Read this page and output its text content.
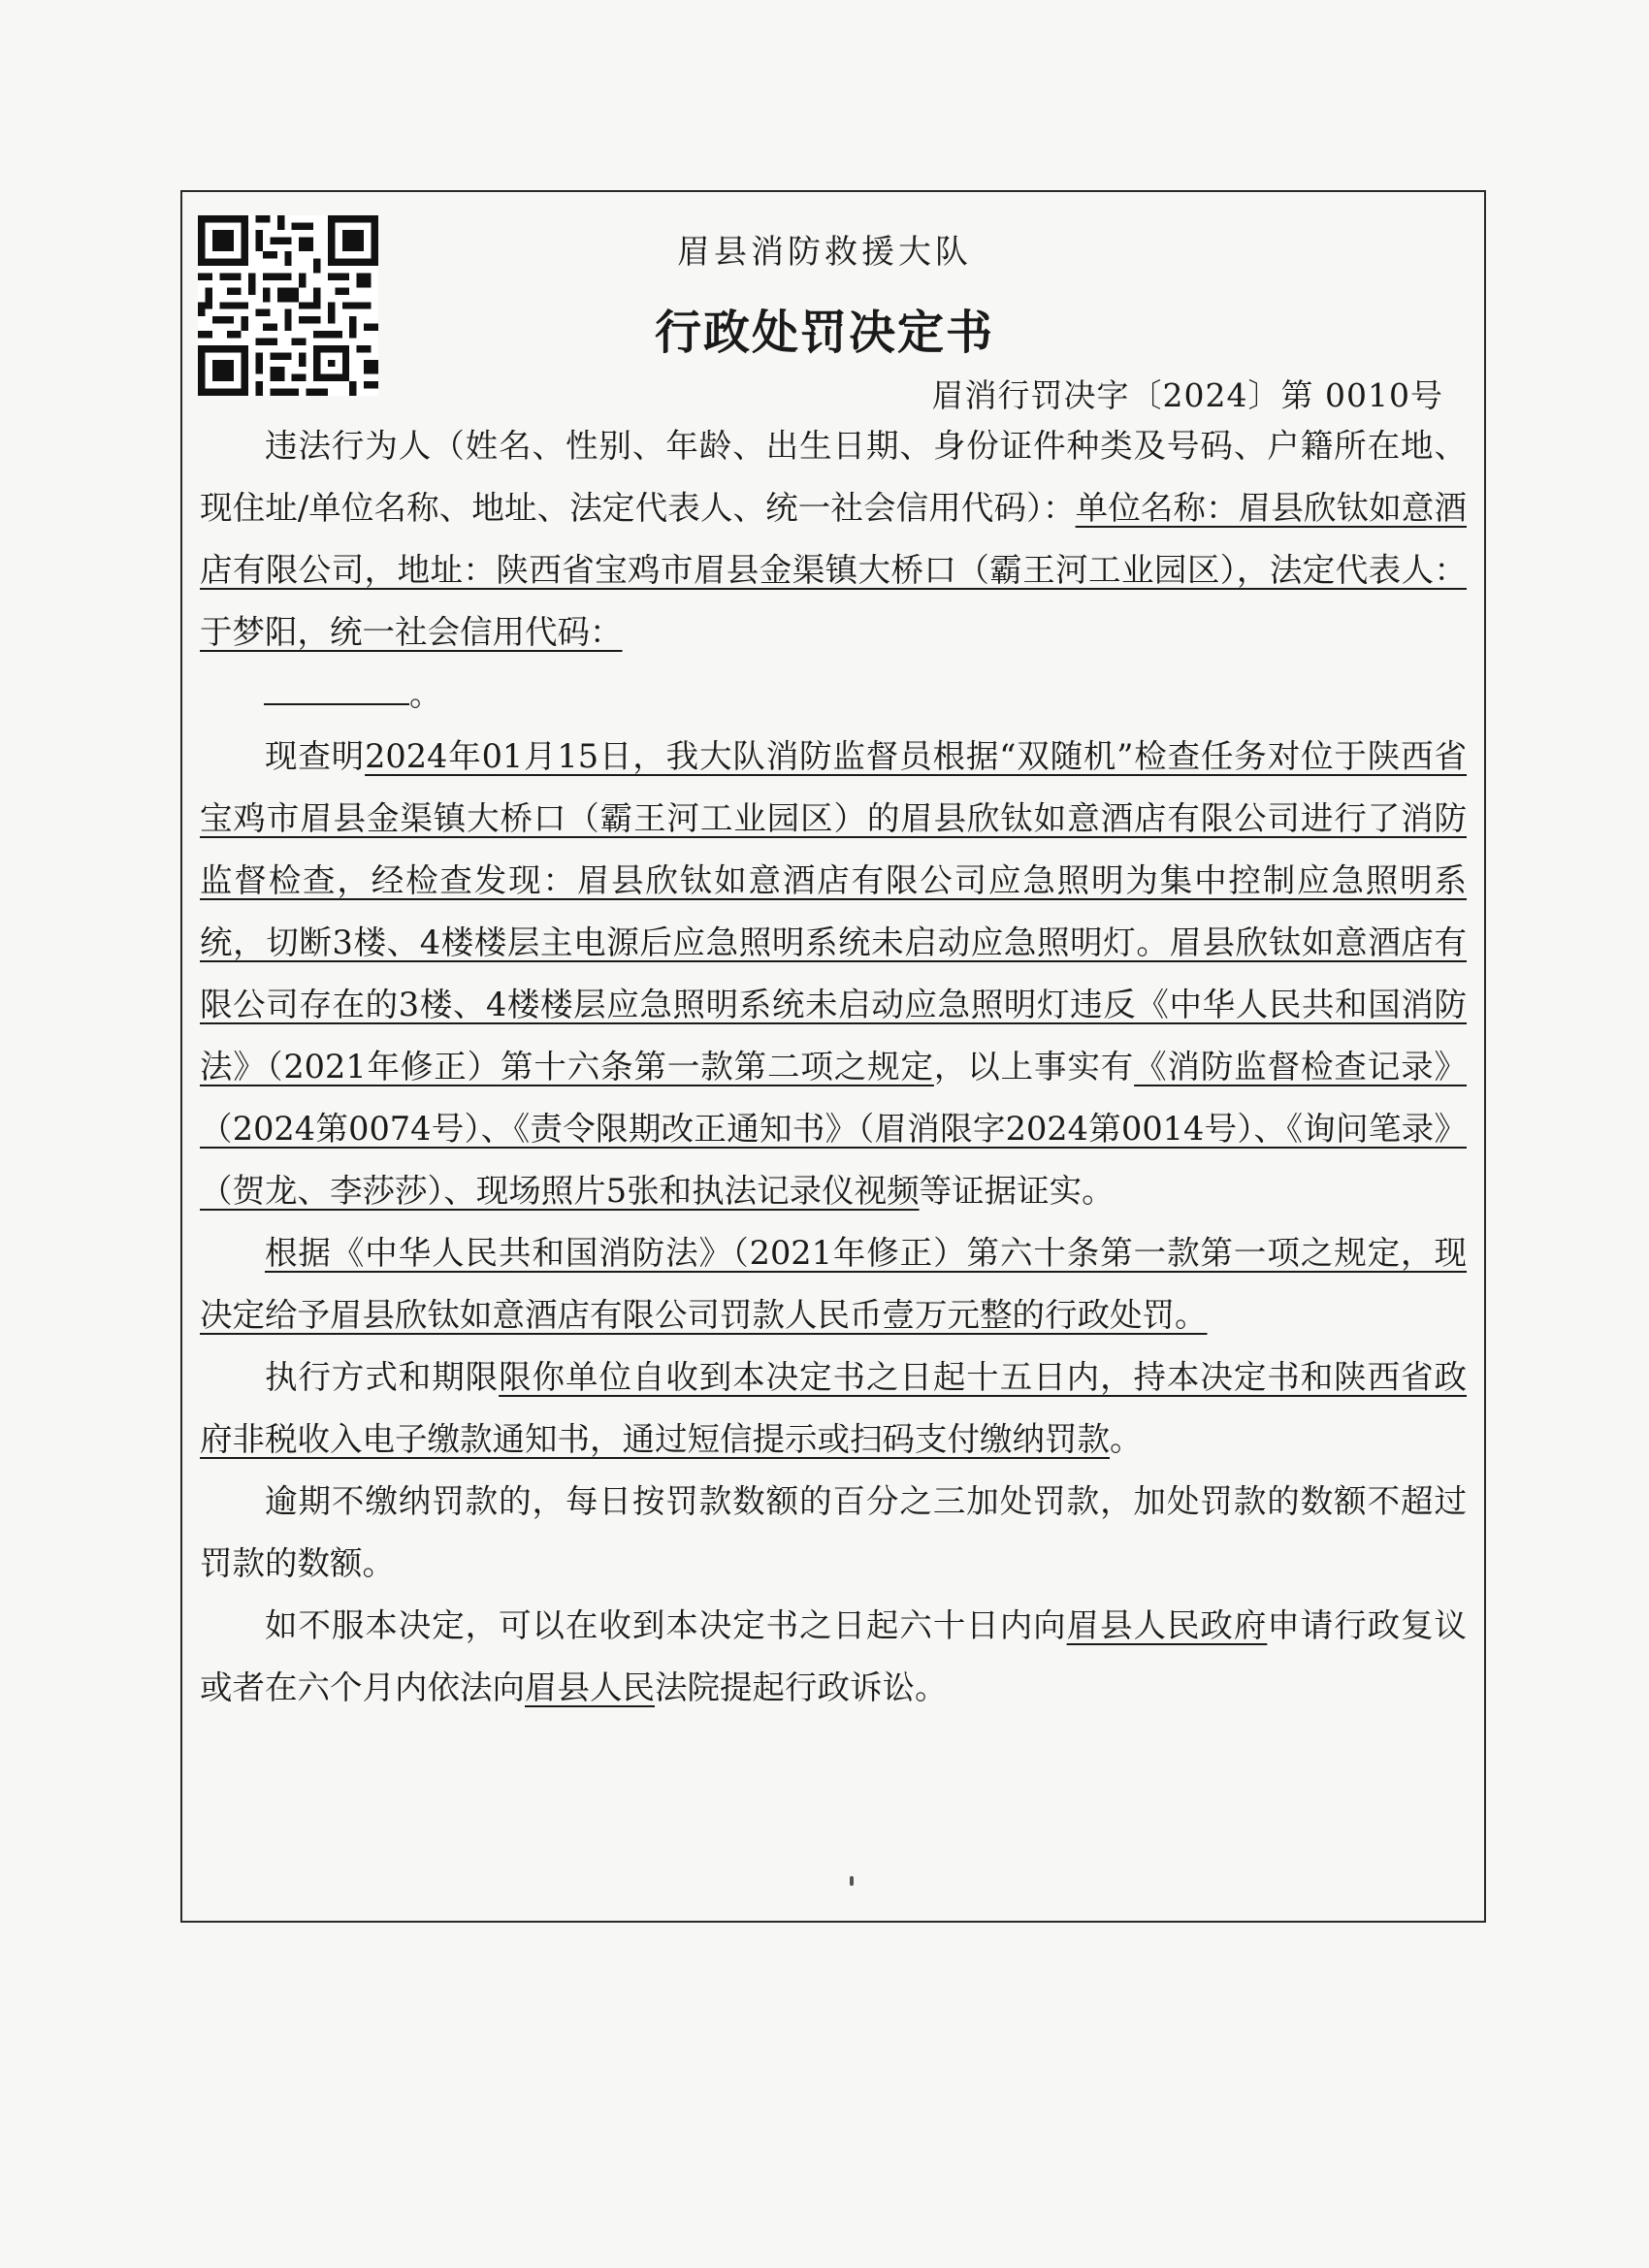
眉县消防救援大队
行政处罚决定书
眉消行罚决字〔2024〕第 0010号

违法行为人（姓名、性别、年龄、出生日期、身份证件种类及号码、户籍所在地、现住址/单位名称、地址、法定代表人、统一社会信用代码）：单位名称：眉县欣钛如意酒店有限公司，地址：陕西省宝鸡市眉县金渠镇大桥口（霸王河工业园区），法定代表人：于梦阳，统一社会信用代码：
。

现查明2024年01月15日，我大队消防监督员根据“双随机”检查任务对位于陕西省宝鸡市眉县金渠镇大桥口（霸王河工业园区）的眉县欣钛如意酒店有限公司进行了消防监督检查，经检查发现：眉县欣钛如意酒店有限公司应急照明为集中控制应急照明系统，切断3楼、4楼楼层主电源后应急照明系统未启动应急照明灯。眉县欣钛如意酒店有限公司存在的3楼、4楼楼层应急照明系统未启动应急照明灯违反《中华人民共和国消防法》（2021年修正）第十六条第一款第二项之规定，以上事实有《消防监督检查记录》（2024第0074号）、《责令限期改正通知书》（眉消限字2024第0014号）、《询问笔录》（贺龙、李莎莎）、现场照片5张和执法记录仪视频等证据证实。

根据《中华人民共和国消防法》（2021年修正）第六十条第一款第一项之规定，现决定给予眉县欣钛如意酒店有限公司罚款人民币壹万元整的行政处罚。

执行方式和期限限你单位自收到本决定书之日起十五日内，持本决定书和陕西省政府非税收入电子缴款通知书，通过短信提示或扫码支付缴纳罚款。

逾期不缴纳罚款的，每日按罚款数额的百分之三加处罚款，加处罚款的数额不超过罚款的数额。

如不服本决定，可以在收到本决定书之日起六十日内向眉县人民政府申请行政复议或者在六个月内依法向眉县人民法院提起行政诉讼。
